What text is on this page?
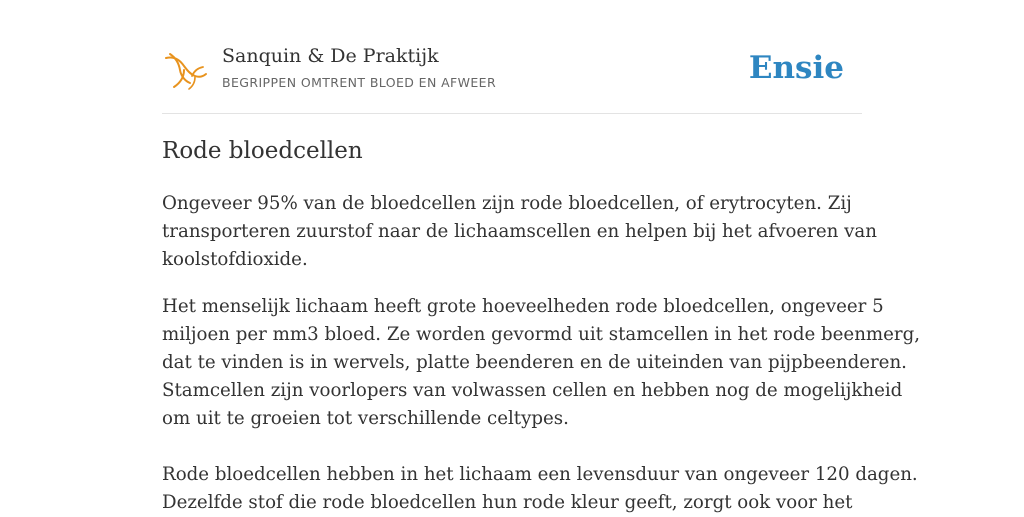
Sanquin & De Praktijk
BEGRIPPEN OMTRENT BLOED EN AFWEER	Ensie
Rode bloedcellen

Ongeveer 95% van de bloedcellen zijn rode bloedcellen, of erytrocyten. Zij
transporteren zuurstof naar de lichaamscellen en helpen bij het afvoeren van
koolstofdioxide.

Het menselijk lichaam heeft grote hoeveelheden rode bloedcellen, ongeveer 5
miljoen per mm3 bloed. Ze worden gevormd uit stamcellen in het rode beenmerg,
dat te vinden is in wervels, platte beenderen en de uiteinden van pijpbeenderen.
Stamcellen zijn voorlopers van volwassen cellen en hebben nog de mogelijkheid
om uit te groeien tot verschillende celtypes.

Rode bloedcellen hebben in het lichaam een levensduur van ongeveer 120 dagen.
Dezelfde stof die rode bloedcellen hun rode kleur geeft, zorgt ook voor het
